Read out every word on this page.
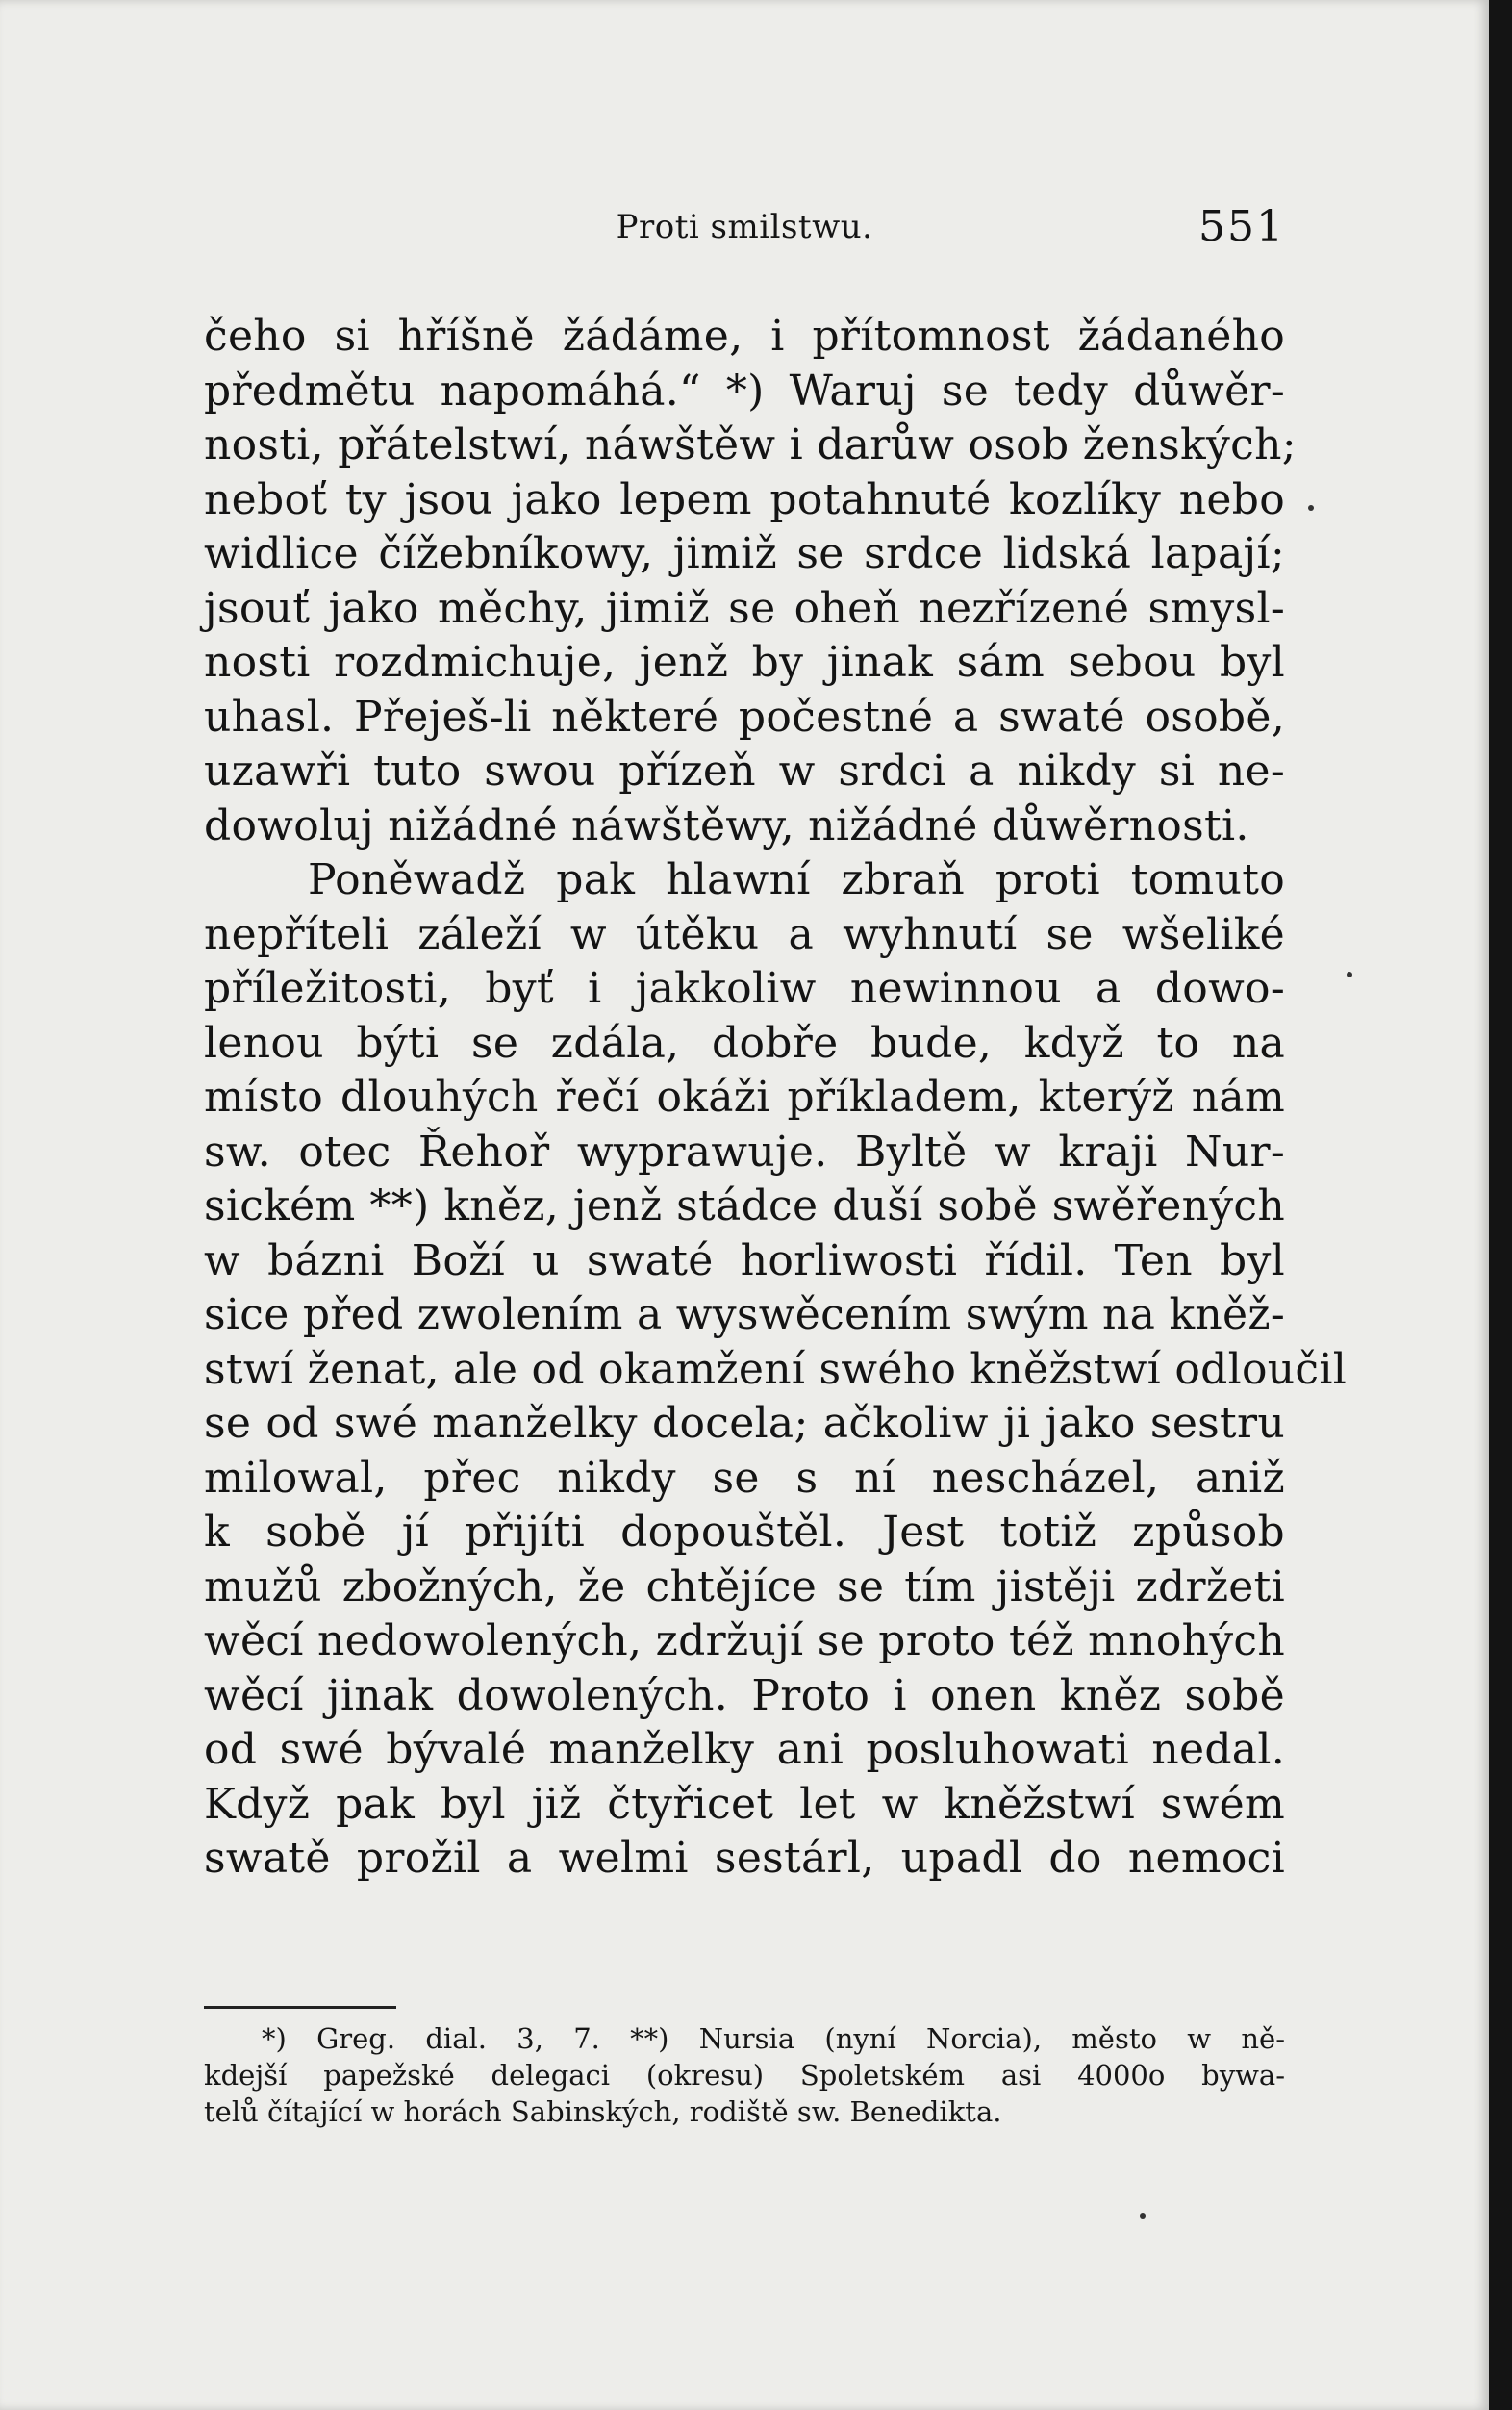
Proti smilstwu.	551
čeho si hříšně žádáme, i přítomnost žádaného
předmětu napomáhá.“ *) Waruj se tedy důwěr-
nosti, přátelstwí, náwštěw i darůw osob ženských;
neboť ty jsou jako lepem potahnuté kozlíky nebo
widlice čížebníkowy, jimiž se srdce lidská lapají;
jsouť jako měchy, jimiž se oheň nezřízené smysl-
nosti rozdmichuje, jenž by jinak sám sebou byl
uhasl. Přeješ-li některé počestné a swaté osobě,
uzawři tuto swou přízeň w srdci a nikdy si ne-
dowoluj nižádné náwštěwy, nižádné důwěrnosti.
Poněwadž pak hlawní zbraň proti tomuto
nepříteli záleží w útěku a wyhnutí se wšeliké
příležitosti, byť i jakkoliw newinnou a dowo-
lenou býti se zdála, dobře bude, když to na
místo dlouhých řečí okáži příkladem, kterýž nám
sw. otec Řehoř wyprawuje. Byltě w kraji Nur-
sickém **) kněz, jenž stádce duší sobě swěřených
w bázni Boží u swaté horliwosti řídil. Ten byl
sice před zwolením a wyswěcením swým na kněž-
stwí ženat, ale od okamžení swého kněžstwí odloučil
se od swé manželky docela; ačkoliw ji jako sestru
milowal, přec nikdy se s ní nescházel, aniž
k sobě jí přijíti dopouštěl. Jest totiž způsob
mužů zbožných, že chtějíce se tím jistěji zdržeti
wěcí nedowolených, zdržují se proto též mnohých
wěcí jinak dowolených. Proto i onen kněz sobě
od swé bývalé manželky ani posluhowati nedal.
Když pak byl již čtyřicet let w kněžstwí swém
swatě prožil a welmi sestárl, upadl do nemoci
*) Greg. dial. 3, 7. **) Nursia (nyní Norcia), město w ně-
kdejší papežské delegaci (okresu) Spoletském asi 4000o bywa-
telů čítající w horách Sabinských, rodiště sw. Benedikta.
